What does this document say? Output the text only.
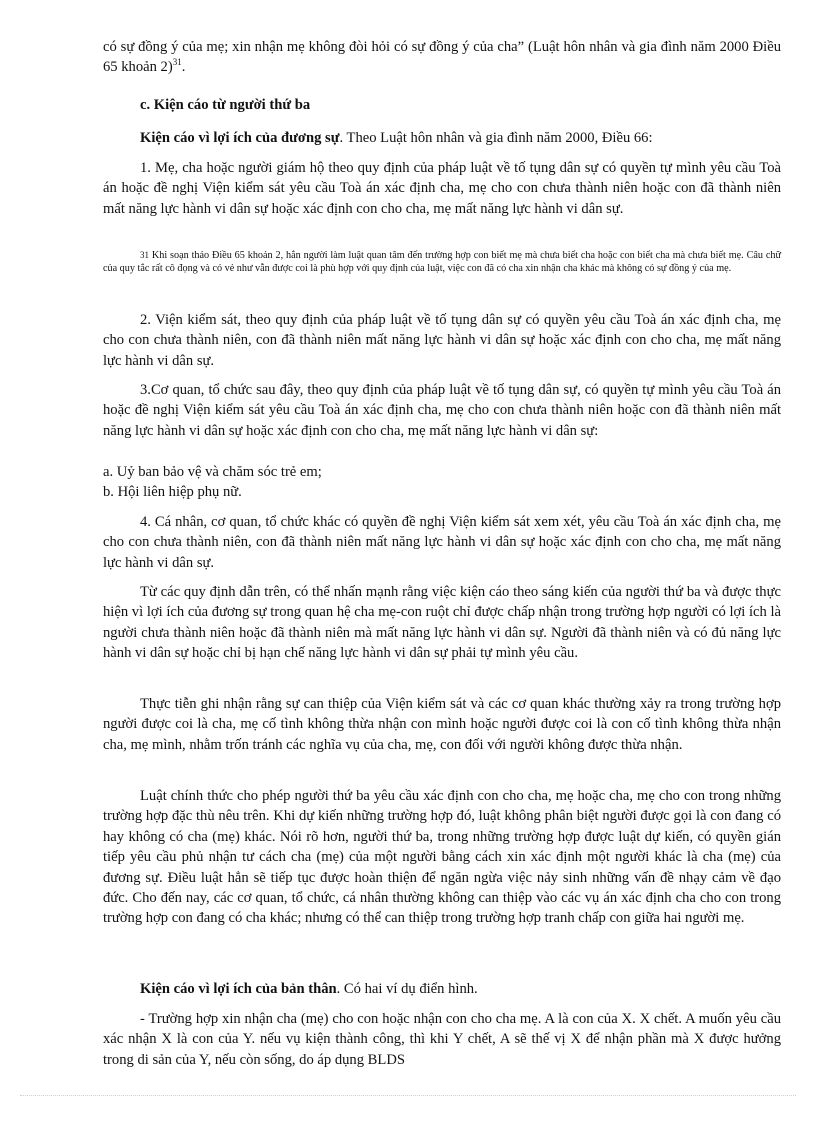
có sự đồng ý của mẹ; xin nhận mẹ không đòi hỏi có sự đồng ý của cha” (Luật hôn nhân và gia đình năm 2000 Điều 65 khoản 2)$^{31}$.

c. Kiện cáo từ người thứ ba

Kiện cáo vì lợi ích của đương sự. Theo Luật hôn nhân và gia đình năm 2000, Điều 66:

1. Mẹ, cha hoặc người giám hộ theo quy định của pháp luật về tố tụng dân sự có quyền tự mình yêu cầu Toà án hoặc đề nghị Viện kiểm sát yêu cầu Toà án xác định cha, mẹ cho con chưa thành niên hoặc con đã thành niên mất năng lực hành vi dân sự hoặc xác định con cho cha, mẹ mất năng lực hành vi dân sự.

31 Khi soạn thảo Điều 65 khoản 2, hẳn người làm luật quan tâm đến trường hợp con biết mẹ mà chưa biết cha hoặc con biết cha mà chưa biết mẹ. Câu chữ của quy tắc rất cô đọng và có vẻ như vẫn được coi là phù hợp với quy định của luật, việc con đã có cha xin nhận cha khác mà không có sự đồng ý của mẹ.

2. Viện kiểm sát, theo quy định của pháp luật về tố tụng dân sự có quyền yêu cầu Toà án xác định cha, mẹ cho con chưa thành niên, con đã thành niên mất năng lực hành vi dân sự hoặc xác định con cho cha, mẹ mất năng lực hành vi dân sự.

3.Cơ quan, tổ chức sau đây, theo quy định của pháp luật về tố tụng dân sự, có quyền tự mình yêu cầu Toà án hoặc đề nghị Viện kiểm sát yêu cầu Toà án xác định cha, mẹ cho con chưa thành niên hoặc con đã thành niên mất năng lực hành vi dân sự hoặc xác định con cho cha, mẹ mất năng lực hành vi dân sự:

a. Uỷ ban bảo vệ và chăm sóc trẻ em;

b. Hội liên hiệp phụ nữ.

4. Cá nhân, cơ quan, tổ chức khác có quyền đề nghị Viện kiểm sát xem xét, yêu cầu Toà án xác định cha, mẹ cho con chưa thành niên, con đã thành niên mất năng lực hành vi dân sự hoặc xác định con cho cha, mẹ mất năng lực hành vi dân sự.

Từ các quy định dẫn trên, có thể nhấn mạnh rằng việc kiện cáo theo sáng kiến của người thứ ba và được thực hiện vì lợi ích của đương sự trong quan hệ cha mẹ-con ruột chỉ được chấp nhận trong trường hợp người có lợi ích là người chưa thành niên hoặc đã thành niên mà mất năng lực hành vi dân sự. Người đã thành niên và có đủ năng lực hành vi dân sự hoặc chỉ bị hạn chế năng lực hành vi dân sự phải tự mình yêu cầu.

Thực tiễn ghi nhận rằng sự can thiệp của Viện kiểm sát và các cơ quan khác thường xảy ra trong trường hợp người được coi là cha, mẹ cố tình không thừa nhận con mình hoặc người được coi là con cố tình không thừa nhận cha, mẹ mình, nhằm trốn tránh các nghĩa vụ của cha, mẹ, con đối với người không được thừa nhận.

Luật chính thức cho phép người thứ ba yêu cầu xác định con cho cha, mẹ hoặc cha, mẹ cho con trong những trường hợp đặc thù nêu trên. Khi dự kiến những trường hợp đó, luật không phân biệt người được gọi là con đang có hay không có cha (mẹ) khác. Nói rõ hơn, người thứ ba, trong những trường hợp được luật dự kiến, có quyền gián tiếp yêu cầu phủ nhận tư cách cha (mẹ) của một người bằng cách xin xác định một người khác là cha (mẹ) của đương sự. Điều luật hẳn sẽ tiếp tục được hoàn thiện để ngăn ngừa việc nảy sinh những vấn đề nhạy cảm về đạo đức. Cho đến nay, các cơ quan, tổ chức, cá nhân thường không can thiệp vào các vụ án xác định cha cho con trong trường hợp con đang có cha khác; nhưng có thể can thiệp trong trường hợp tranh chấp con giữa hai người mẹ.

Kiện cáo vì lợi ích của bản thân. Có hai ví dụ điển hình.

- Trường hợp xin nhận cha (mẹ) cho con hoặc nhận con cho cha mẹ. A là con của X. X chết. A muốn yêu cầu xác nhận X là con của Y. nếu vụ kiện thành công, thì khi Y chết, A sẽ thế vị X để nhận phần mà X được hưởng trong di sản của Y, nếu còn sống, do áp dụng BLDS
